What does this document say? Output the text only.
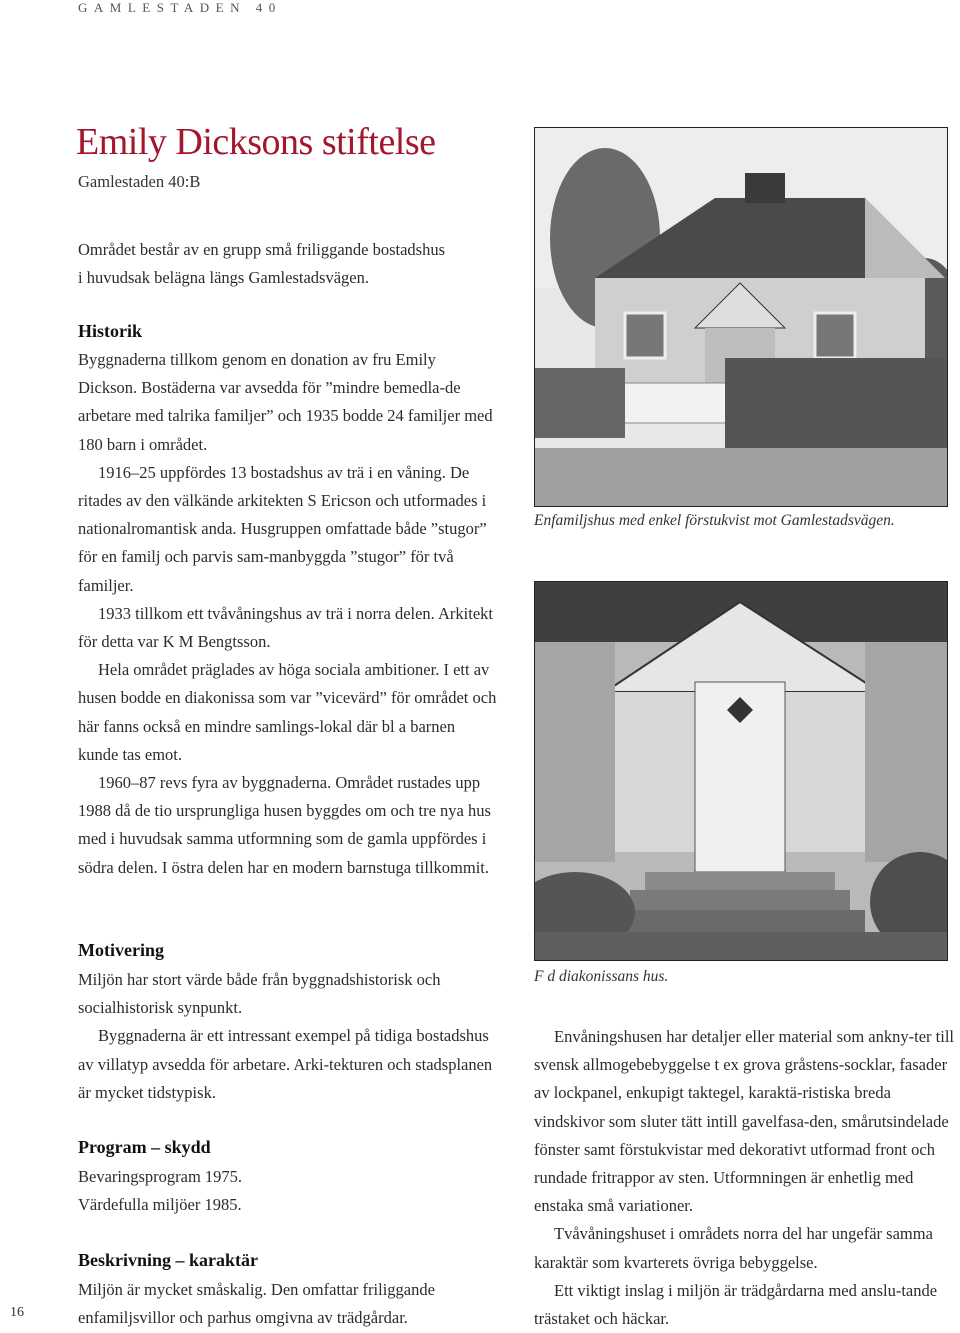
GAMLESTADEN 40
Emily Dicksons stiftelse
Gamlestaden 40:B
Området består av en grupp små friliggande bostadshus
i huvudsak belägna längs Gamlestadsvägen.
Historik

Byggnaderna tillkom genom en donation av fru Emily Dickson. Bostäderna var avsedda för ”mindre bemedla-de arbetare med talrika familjer” och 1935 bodde 24 familjer med 180 barn i området.

1916–25 uppfördes 13 bostadshus av trä i en våning. De ritades av den välkände arkitekten S Ericson och utformades i nationalromantisk anda. Husgruppen omfattade både ”stugor” för en familj och parvis sam-manbyggda ”stugor” för två familjer.

1933 tillkom ett tvåvåningshus av trä i norra delen. Arkitekt för detta var K M Bengtsson.

Hela området präglades av höga sociala ambitioner. I ett av husen bodde en diakonissa som var ”vicevärd” för området och här fanns också en mindre samlings-lokal där bl a barnen kunde tas emot.

1960–87 revs fyra av byggnaderna. Området rustades upp 1988 då de tio ursprungliga husen byggdes om och tre nya hus med i huvudsak samma utformning som de gamla uppfördes i södra delen. I östra delen har en modern barnstuga tillkommit.

Motivering

Miljön har stort värde både från byggnadshistorisk och socialhistorisk synpunkt.

Byggnaderna är ett intressant exempel på tidiga bostadshus av villatyp avsedda för arbetare. Arki-tekturen och stadsplanen är mycket tidstypisk.

Program – skydd
Bevaringsprogram 1975.
Värdefulla miljöer 1985.
Beskrivning – karaktär

Miljön är mycket småskalig. Den omfattar friliggande enfamiljsvillor och parhus omgivna av trädgårdar.

Enfamiljshus med enkel förstukvist mot Gamlestadsvägen.
F d diakonissans hus.

Envåningshusen har detaljer eller material som ankny-ter till svensk allmogebebyggelse t ex grova gråstens-socklar, fasader av lockpanel, enkupigt taktegel, karaktä-ristiska breda vindskivor som sluter tätt intill gavelfasa-den, smårutsindelade fönster samt förstukvistar med dekorativt utformad front och rundade fritrappor av sten. Utformningen är enhetlig med enstaka små variationer.

Tvåvåningshuset i områdets norra del har ungefär samma karaktär som kvarterets övriga bebyggelse.

Ett viktigt inslag i miljön är trädgårdarna med anslu-tande trästaket och häckar.

16
